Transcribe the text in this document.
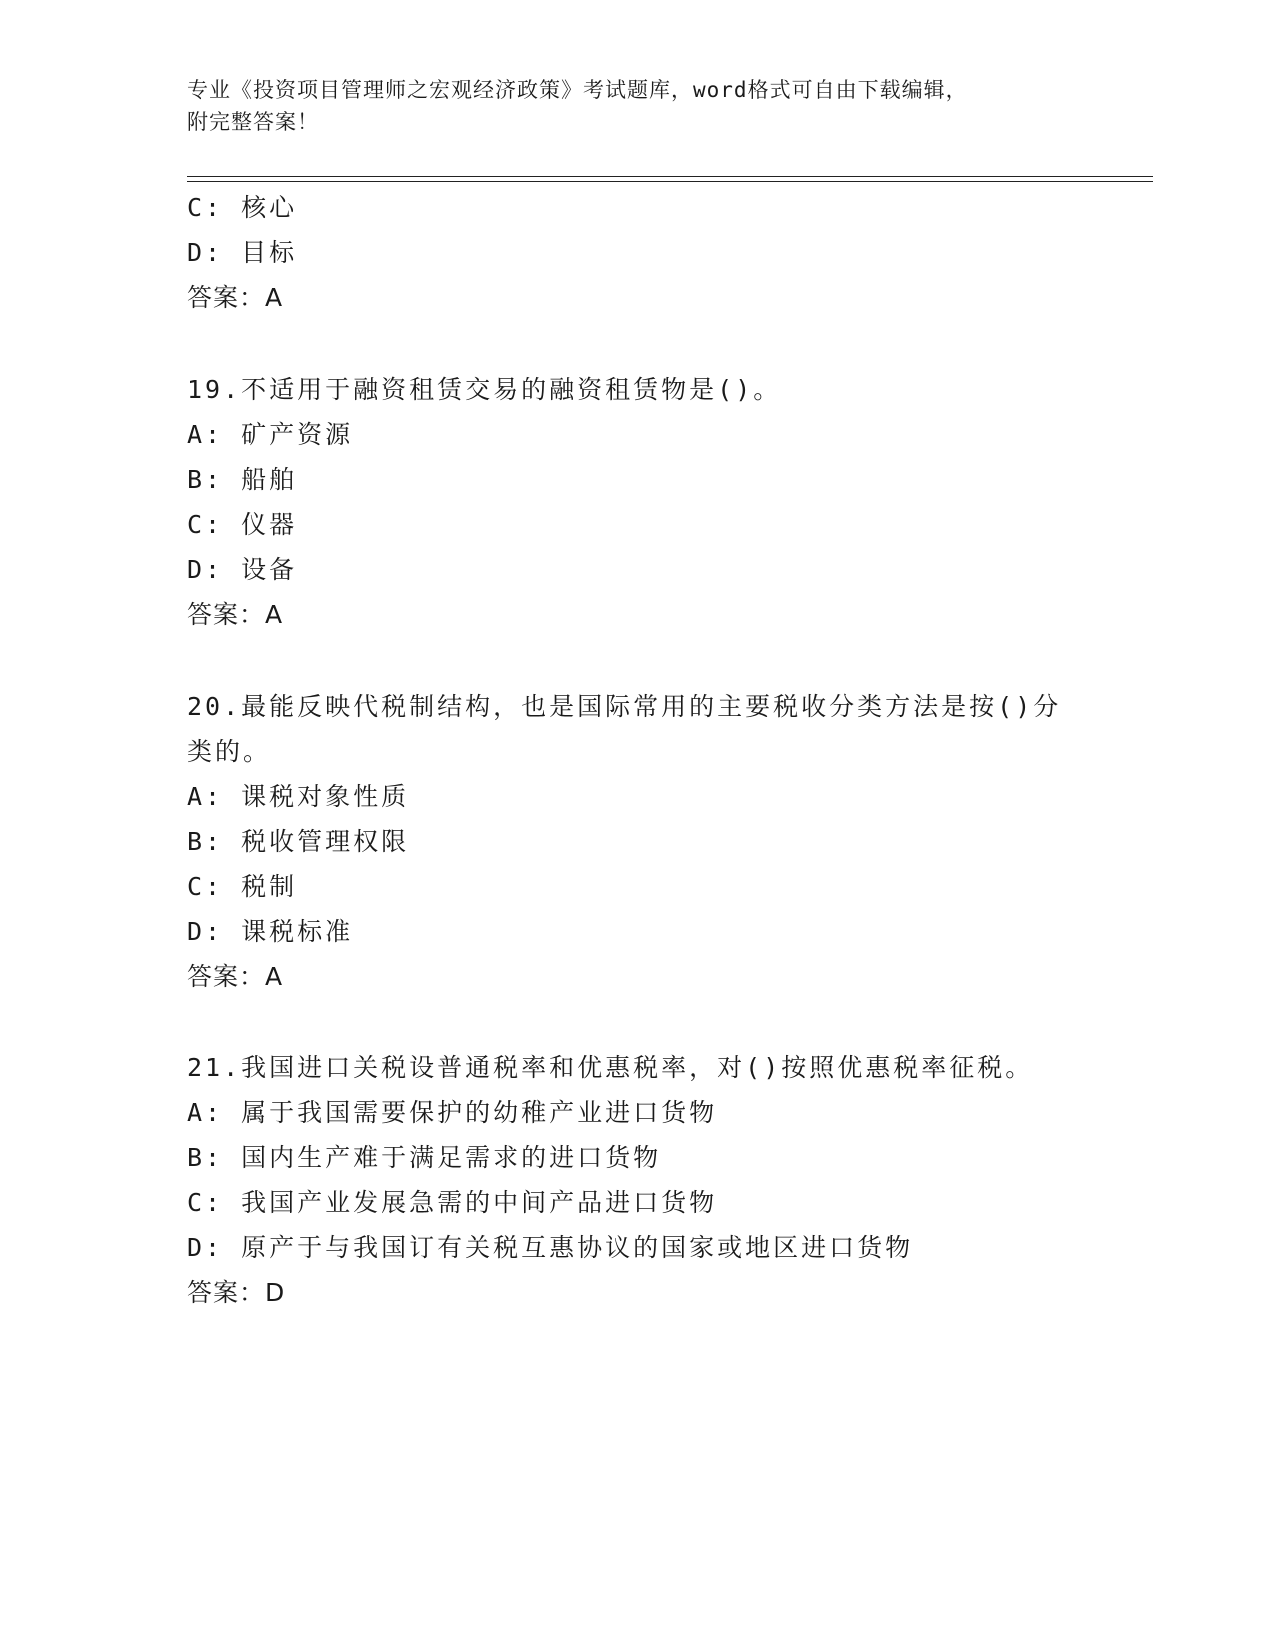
专业《投资项目管理师之宏观经济政策》考试题库，word格式可自由下载编辑，
附完整答案！
C: 核心
D: 目标
答案：A
19.不适用于融资租赁交易的融资租赁物是()。
A: 矿产资源
B: 船舶
C: 仪器
D: 设备
答案：A
20.最能反映代税制结构，也是国际常用的主要税收分类方法是按()分
类的。
A: 课税对象性质
B: 税收管理权限
C: 税制
D: 课税标准
答案：A
21.我国进口关税设普通税率和优惠税率，对()按照优惠税率征税。
A: 属于我国需要保护的幼稚产业进口货物
B: 国内生产难于满足需求的进口货物
C: 我国产业发展急需的中间产品进口货物
D: 原产于与我国订有关税互惠协议的国家或地区进口货物
答案：D
